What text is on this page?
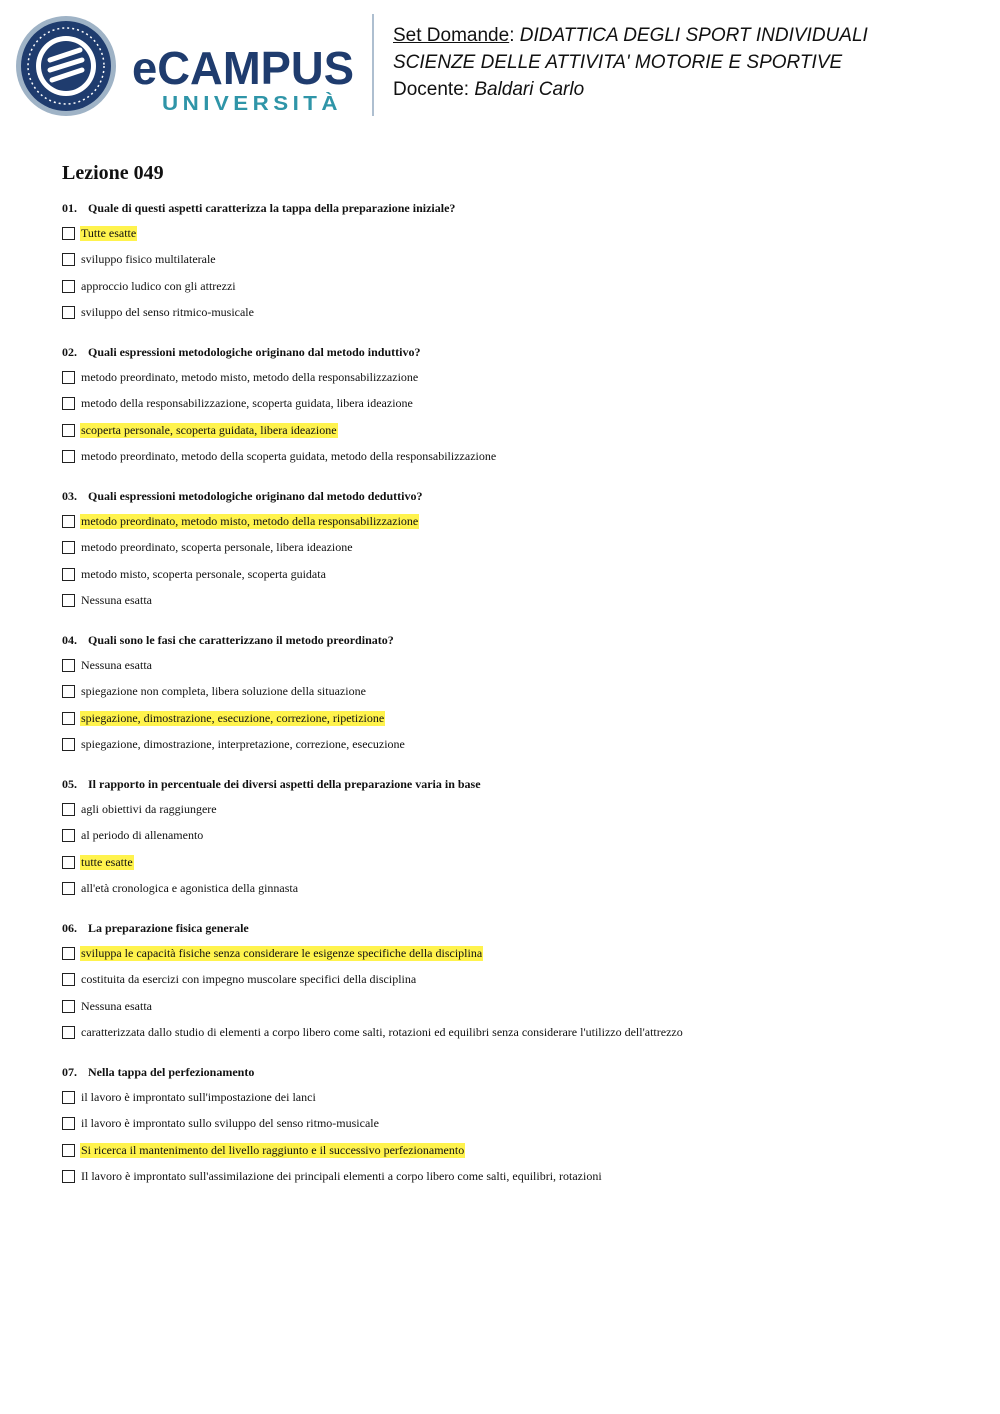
eCAMPUS
UNIVERSITÀ
Set Domande: DIDATTICA DEGLI SPORT INDIVIDUALI
SCIENZE DELLE ATTIVITA' MOTORIE E SPORTIVE
Docente: Baldari Carlo
Lezione 049
01. Quale di questi aspetti caratterizza la tappa della preparazione iniziale?
Tutte esatte
sviluppo fisico multilaterale
approccio ludico con gli attrezzi
sviluppo del senso ritmico-musicale
02. Quali espressioni metodologiche originano dal metodo induttivo?
metodo preordinato, metodo misto, metodo della responsabilizzazione
metodo della responsabilizzazione, scoperta guidata, libera ideazione
scoperta personale, scoperta guidata, libera ideazione
metodo preordinato, metodo della scoperta guidata, metodo della responsabilizzazione
03. Quali espressioni metodologiche originano dal metodo deduttivo?
metodo preordinato, metodo misto, metodo della responsabilizzazione
metodo preordinato, scoperta personale, libera ideazione
metodo misto, scoperta personale, scoperta guidata
Nessuna esatta
04. Quali sono le fasi che caratterizzano il metodo preordinato?
Nessuna esatta
spiegazione non completa, libera soluzione della situazione
spiegazione, dimostrazione, esecuzione, correzione, ripetizione
spiegazione, dimostrazione, interpretazione, correzione, esecuzione
05. Il rapporto in percentuale dei diversi aspetti della preparazione varia in base
agli obiettivi da raggiungere
al periodo di allenamento
tutte esatte
all'età cronologica e agonistica della ginnasta
06. La preparazione fisica generale
sviluppa le capacità fisiche senza considerare le esigenze specifiche della disciplina
costituita da esercizi con impegno muscolare specifici della disciplina
Nessuna esatta
caratterizzata dallo studio di elementi a corpo libero come salti, rotazioni ed equilibri senza considerare l'utilizzo dell'attrezzo
07. Nella tappa del perfezionamento
il lavoro è improntato sull'impostazione dei lanci
il lavoro è improntato sullo sviluppo del senso ritmo-musicale
Si ricerca il mantenimento del livello raggiunto e il successivo perfezionamento
Il lavoro è improntato sull'assimilazione dei principali elementi a corpo libero come salti, equilibri, rotazioni
